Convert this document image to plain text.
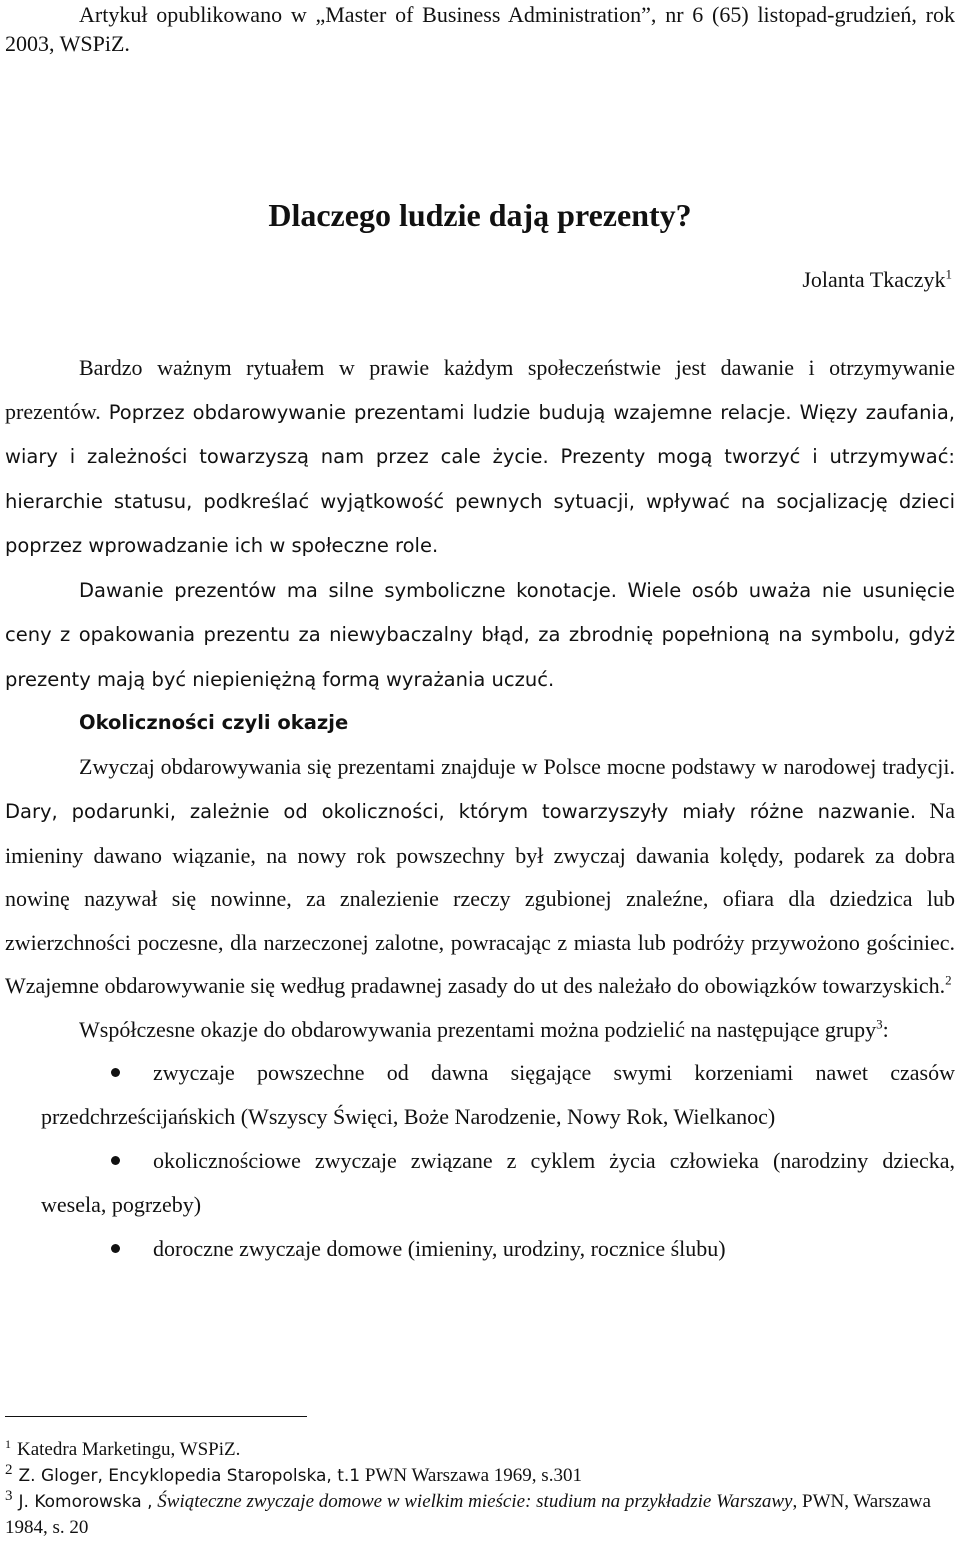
Artykuł opublikowano w „Master of Business Administration”, nr 6 (65) listopad-grudzień, rok 2003, WSPiZ.

Dlaczego ludzie dają prezenty?
Jolanta Tkaczyk$^1$

Bardzo ważnym rytuałem w prawie każdym społeczeństwie jest dawanie i otrzymywanie prezentów. Poprzez obdarowywanie prezentami ludzie budują wzajemne relacje. Więzy zaufania, wiary i zależności towarzyszą nam przez cale życie. Prezenty mogą tworzyć i utrzymywać: hierarchie statusu, podkreślać wyjątkowość pewnych sytuacji, wpływać na socjalizację dzieci poprzez wprowadzanie ich w społeczne role.

Dawanie prezentów ma silne symboliczne konotacje. Wiele osób uważa nie usunięcie ceny z opakowania prezentu za niewybaczalny błąd, za zbrodnię popełnioną na symbolu, gdyż prezenty mają być niepieniężną formą wyrażania uczuć.

Okoliczności czyli okazje

Zwyczaj obdarowywania się prezentami znajduje w Polsce mocne podstawy w narodowej tradycji. Dary, podarunki, zależnie od okoliczności, którym towarzyszyły miały różne nazwanie. Na imieniny dawano wiązanie, na nowy rok powszechny był zwyczaj dawania kolędy, podarek za dobra nowinę nazywał się nowinne, za znalezienie rzeczy zgubionej znaleźne, ofiara dla dziedzica lub zwierzchności poczesne, dla narzeczonej zalotne, powracając z miasta lub podróży przywożono gościniec. Wzajemne obdarowywanie się według pradawnej zasady do ut des należało do obowiązków towarzyskich.$^2$

Współczesne okazje do obdarowywania prezentami można podzielić na następujące grupy$^3$:

zwyczaje powszechne od dawna sięgające swymi korzeniami nawet czasów przedchrześcijańskich (Wszyscy Święci, Boże Narodzenie, Nowy Rok, Wielkanoc)
okolicznościowe zwyczaje związane z cyklem życia człowieka (narodziny dziecka, wesela, pogrzeby)
doroczne zwyczaje domowe (imieniny, urodziny, rocznice ślubu)

$^1$ Katedra Marketingu, WSPiZ.

$^2$ Z. Gloger, Encyklopedia Staropolska, t.1 PWN Warszawa 1969, s.301

$^3$ J. Komorowska , Świąteczne zwyczaje domowe w wielkim mieście: studium na przykładzie Warszawy, PWN, Warszawa 1984, s. 20
